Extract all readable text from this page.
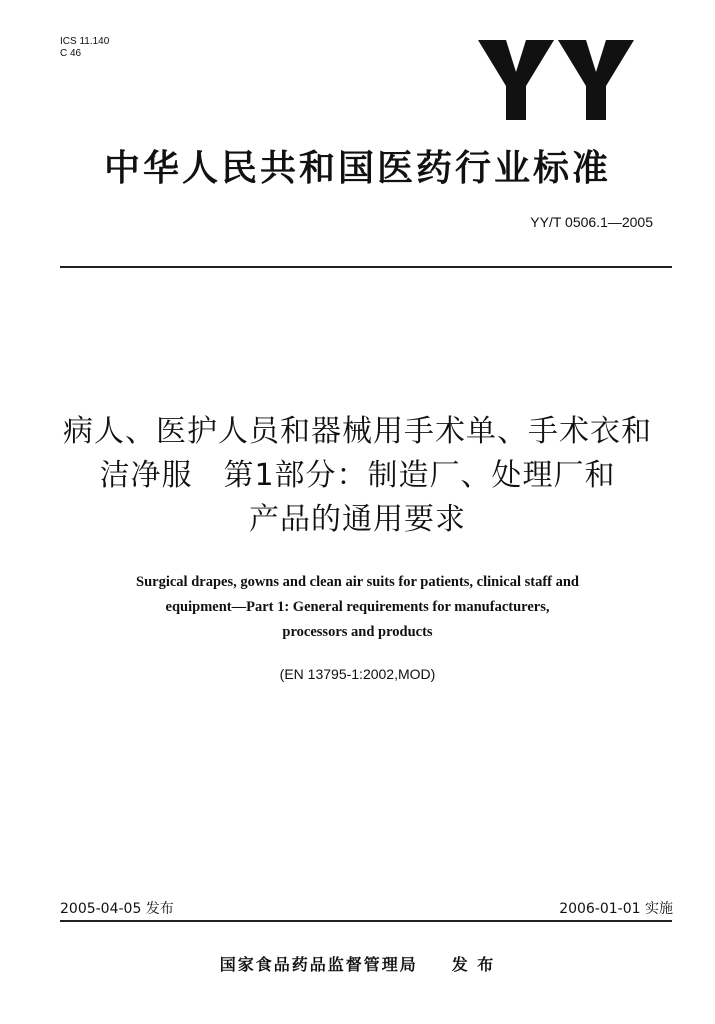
ICS 11.140
C 46
中华人民共和国医药行业标准
YY/T 0506.1—2005
病人、医护人员和器械用手术单、手术衣和
洁净服　第1部分：制造厂、处理厂和
产品的通用要求
Surgical drapes, gowns and clean air suits for patients, clinical staff and
equipment—Part 1: General requirements for manufacturers,
processors and products
(EN 13795-1:2002,MOD)
2005-04-05 发布	2006-01-01 实施
国家食品药品监督管理局 发 布
